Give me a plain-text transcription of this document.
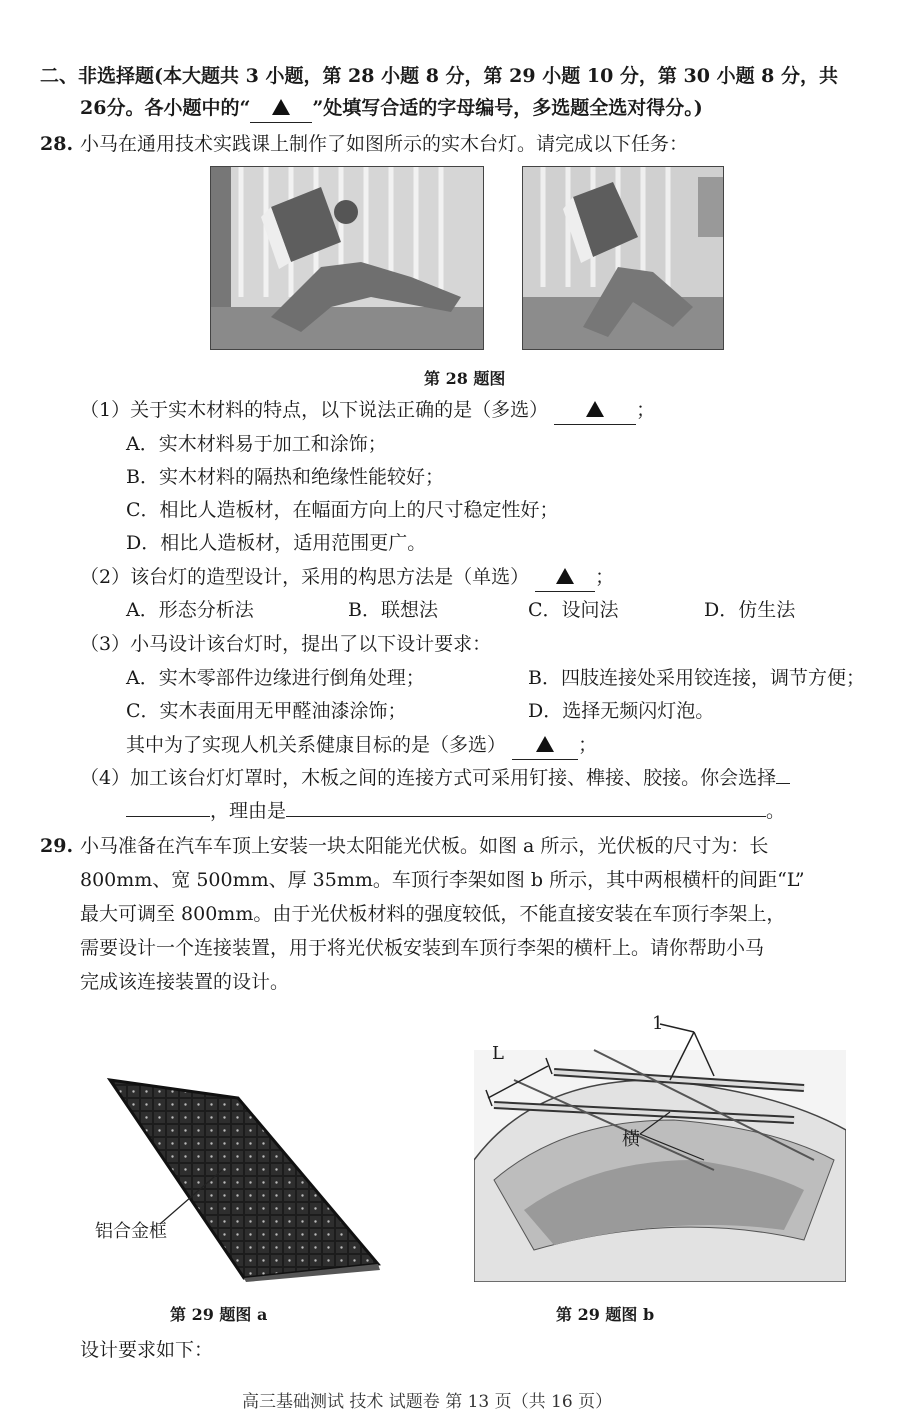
二、非选择题(本大题共 3 小题，第 28 小题 8 分，第 29 小题 10 分，第 30 小题 8 分，共
26分。各小题中的“	”处填写合适的字母编号，多选题全选对得分。)
28. 小马在通用技术实践课上制作了如图所示的实木台灯。请完成以下任务：
第 28 题图
（1）关于实木材料的特点，以下说法正确的是（多选）	；
A．实木材料易于加工和涂饰；
B．实木材料的隔热和绝缘性能较好；
C．相比人造板材，在幅面方向上的尺寸稳定性好；
D．相比人造板材，适用范围更广。
（2）该台灯的造型设计，采用的构思方法是（单选）	；
A．形态分析法	B．联想法	C．设问法	D．仿生法
（3）小马设计该台灯时，提出了以下设计要求：
A．实木零部件边缘进行倒角处理；	B．四肢连接处采用铰连接，调节方便；
C．实木表面用无甲醛油漆涂饰；	D．选择无频闪灯泡。
其中为了实现人机关系健康目标的是（多选）	；
（4）加工该台灯灯罩时，木板之间的连接方式可采用钉接、榫接、胶接。你会选择
，理由是	。
29. 小马准备在汽车车顶上安装一块太阳能光伏板。如图 a 所示，光伏板的尺寸为：长
800mm、宽 500mm、厚 35mm。车顶行李架如图 b 所示，其中两根横杆的间距“L”
最大可调至 800mm。由于光伏板材料的强度较低，不能直接安装在车顶行李架上，
需要设计一个连接装置，用于将光伏板安装到车顶行李架的横杆上。请你帮助小马
完成该连接装置的设计。
铝合金框
第 29 题图 a
L
1
横
第 29 题图 b
设计要求如下：
高三基础测试 技术 试题卷 第 13 页（共 16 页）
